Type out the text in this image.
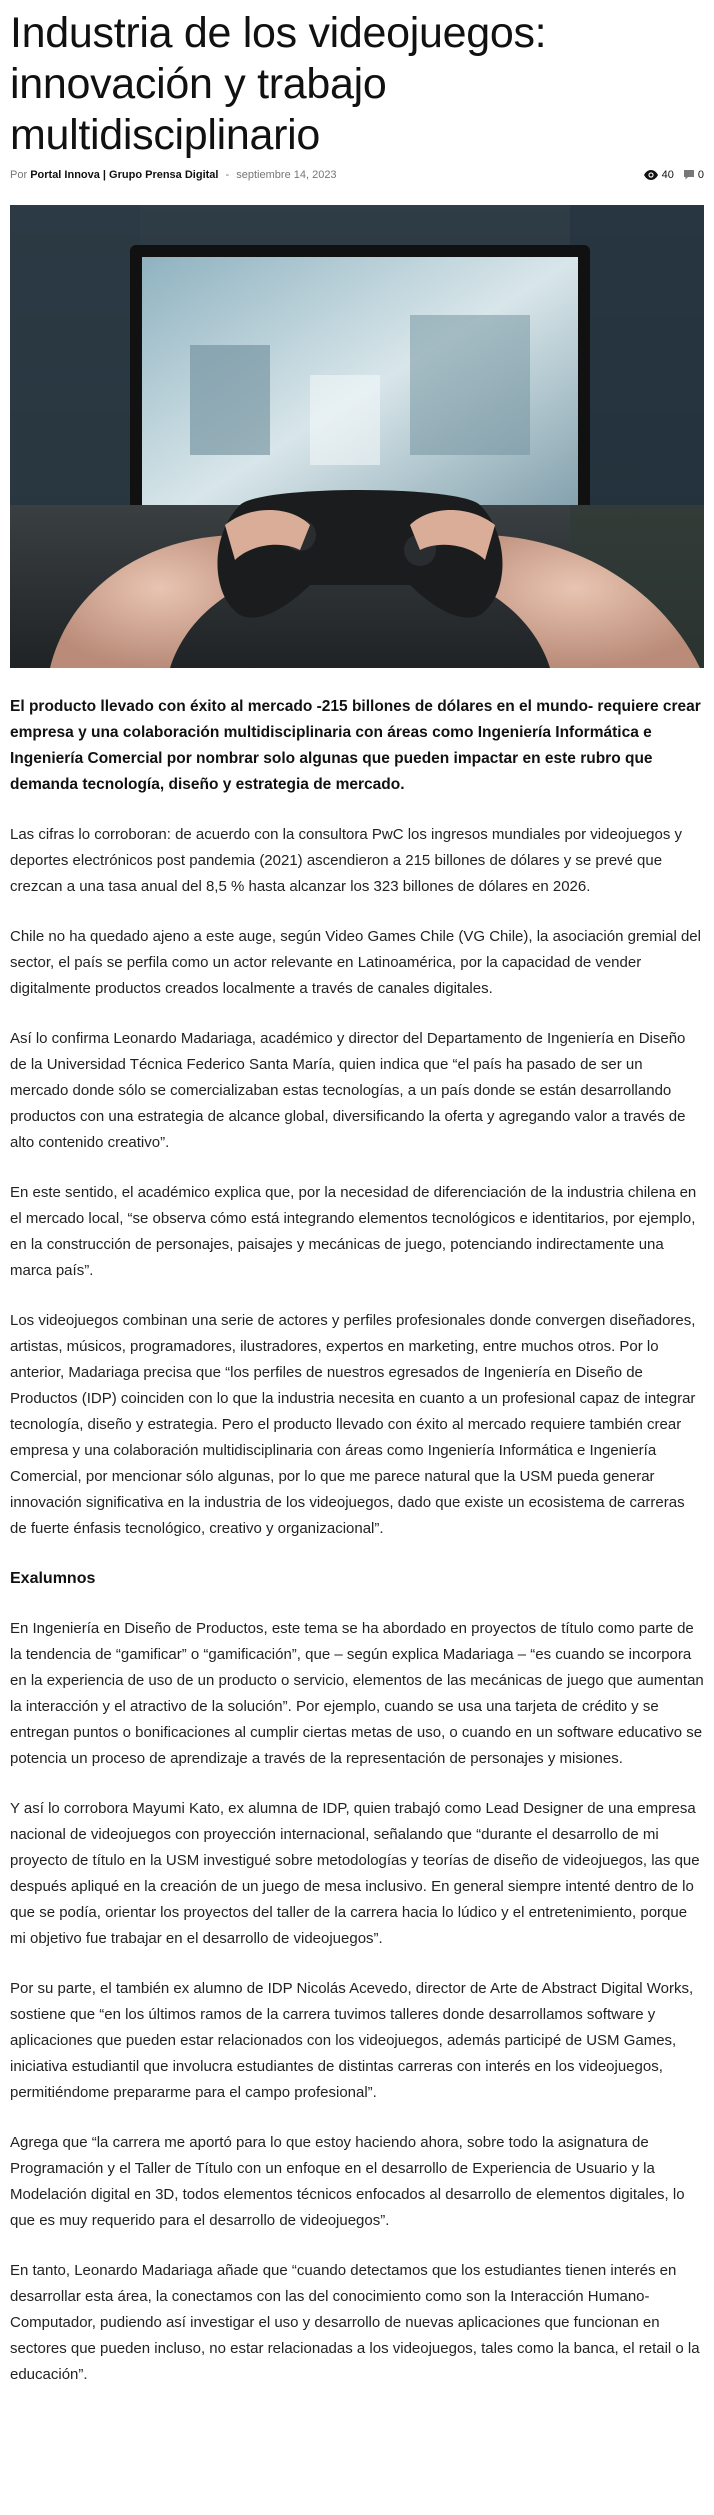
Industria de los videojuegos: innovación y trabajo multidisciplinario
Por Portal Innova | Grupo Prensa Digital - septiembre 14, 2023	40 0

El producto llevado con éxito al mercado -215 billones de dólares en el mundo- requiere crear empresa y una colaboración multidisciplinaria con áreas como Ingeniería Informática e Ingeniería Comercial por nombrar solo algunas que pueden impactar en este rubro que demanda tecnología, diseño y estrategia de mercado.

Las cifras lo corroboran: de acuerdo con la consultora PwC los ingresos mundiales por videojuegos y deportes electrónicos post pandemia (2021) ascendieron a 215 billones de dólares y se prevé que crezcan a una tasa anual del 8,5 % hasta alcanzar los 323 billones de dólares en 2026.

Chile no ha quedado ajeno a este auge, según Video Games Chile (VG Chile), la asociación gremial del sector, el país se perfila como un actor relevante en Latinoamérica, por la capacidad de vender digitalmente productos creados localmente a través de canales digitales.

Así lo confirma Leonardo Madariaga, académico y director del Departamento de Ingeniería en Diseño de la Universidad Técnica Federico Santa María, quien indica que “el país ha pasado de ser un mercado donde sólo se comercializaban estas tecnologías, a un país donde se están desarrollando productos con una estrategia de alcance global, diversificando la oferta y agregando valor a través de alto contenido creativo”.

En este sentido, el académico explica que, por la necesidad de diferenciación de la industria chilena en el mercado local, “se observa cómo está integrando elementos tecnológicos e identitarios, por ejemplo, en la construcción de personajes, paisajes y mecánicas de juego, potenciando indirectamente una marca país”.

Los videojuegos combinan una serie de actores y perfiles profesionales donde convergen diseñadores, artistas, músicos, programadores, ilustradores, expertos en marketing, entre muchos otros. Por lo anterior, Madariaga precisa que “los perfiles de nuestros egresados de Ingeniería en Diseño de Productos (IDP) coinciden con lo que la industria necesita en cuanto a un profesional capaz de integrar tecnología, diseño y estrategia. Pero el producto llevado con éxito al mercado requiere también crear empresa y una colaboración multidisciplinaria con áreas como Ingeniería Informática e Ingeniería Comercial, por mencionar sólo algunas, por lo que me parece natural que la USM pueda generar innovación significativa en la industria de los videojuegos, dado que existe un ecosistema de carreras de fuerte énfasis tecnológico, creativo y organizacional”.

Exalumnos

En Ingeniería en Diseño de Productos, este tema se ha abordado en proyectos de título como parte de la tendencia de “gamificar” o “gamificación”, que – según explica Madariaga – “es cuando se incorpora en la experiencia de uso de un producto o servicio, elementos de las mecánicas de juego que aumentan la interacción y el atractivo de la solución”. Por ejemplo, cuando se usa una tarjeta de crédito y se entregan puntos o bonificaciones al cumplir ciertas metas de uso, o cuando en un software educativo se potencia un proceso de aprendizaje a través de la representación de personajes y misiones.

Y así lo corrobora Mayumi Kato, ex alumna de IDP, quien trabajó como Lead Designer de una empresa nacional de videojuegos con proyección internacional, señalando que “durante el desarrollo de mi proyecto de título en la USM investigué sobre metodologías y teorías de diseño de videojuegos, las que después apliqué en la creación de un juego de mesa inclusivo. En general siempre intenté dentro de lo que se podía, orientar los proyectos del taller de la carrera hacia lo lúdico y el entretenimiento, porque mi objetivo fue trabajar en el desarrollo de videojuegos”.

Por su parte, el también ex alumno de IDP Nicolás Acevedo, director de Arte de Abstract Digital Works, sostiene que “en los últimos ramos de la carrera tuvimos talleres donde desarrollamos software y aplicaciones que pueden estar relacionados con los videojuegos, además participé de USM Games, iniciativa estudiantil que involucra estudiantes de distintas carreras con interés en los videojuegos, permitiéndome prepararme para el campo profesional”.

Agrega que “la carrera me aportó para lo que estoy haciendo ahora, sobre todo la asignatura de Programación y el Taller de Título con un enfoque en el desarrollo de Experiencia de Usuario y la Modelación digital en 3D, todos elementos técnicos enfocados al desarrollo de elementos digitales, lo que es muy requerido para el desarrollo de videojuegos”.

En tanto, Leonardo Madariaga añade que “cuando detectamos que los estudiantes tienen interés en desarrollar esta área, la conectamos con las del conocimiento como son la Interacción Humano-Computador, pudiendo así investigar el uso y desarrollo de nuevas aplicaciones que funcionan en sectores que pueden incluso, no estar relacionadas a los videojuegos, tales como la banca, el retail o la educación”.
